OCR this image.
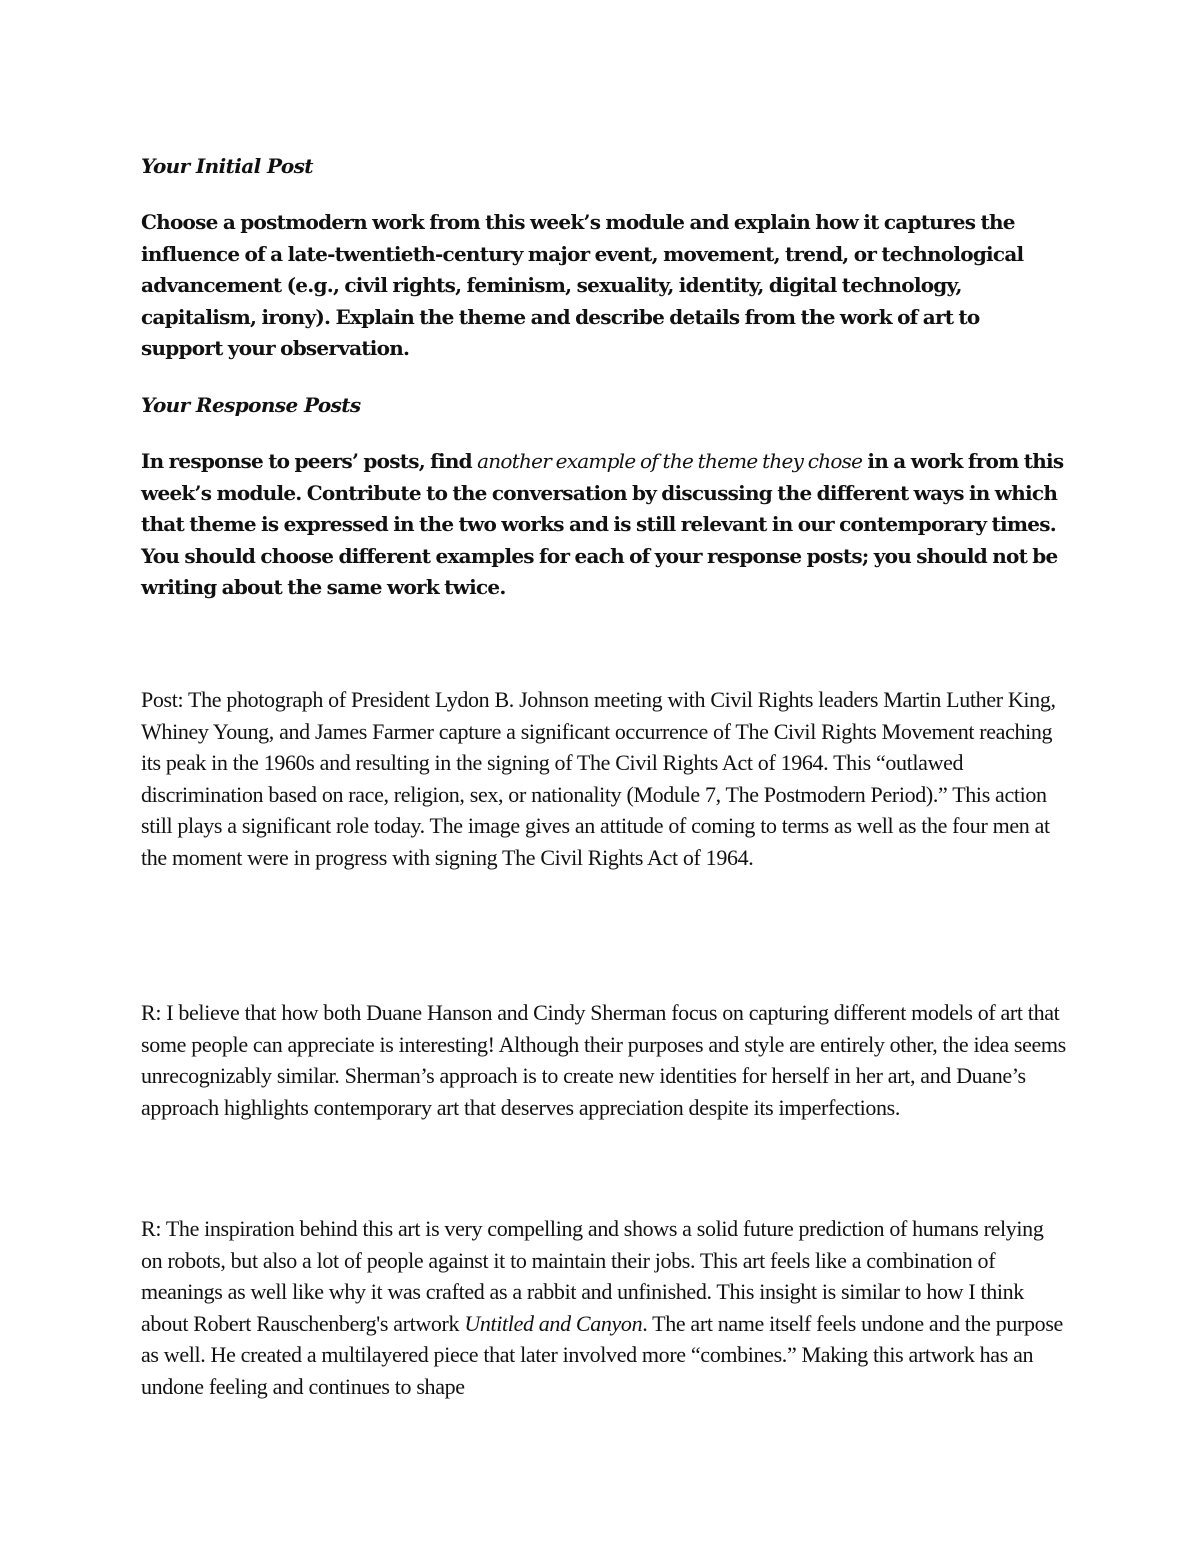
Your Initial Post

Choose a postmodern work from this week’s module and explain how it captures the influence of a late-twentieth-century major event, movement, trend, or technological advancement (e.g., civil rights, feminism, sexuality, identity, digital technology, capitalism, irony). Explain the theme and describe details from the work of art to support your observation.

Your Response Posts

In response to peers’ posts, find another example of the theme they chose in a work from this week’s module. Contribute to the conversation by discussing the different ways in which that theme is expressed in the two works and is still relevant in our contemporary times. You should choose different examples for each of your response posts; you should not be writing about the same work twice.

Post: The photograph of President Lydon B. Johnson meeting with Civil Rights leaders Martin Luther King, Whiney Young, and James Farmer capture a significant occurrence of The Civil Rights Movement reaching its peak in the 1960s and resulting in the signing of The Civil Rights Act of 1964. This “outlawed discrimination based on race, religion, sex, or nationality (Module 7, The Postmodern Period).” This action still plays a significant role today. The image gives an attitude of coming to terms as well as the four men at the moment were in progress with signing The Civil Rights Act of 1964.

R: I believe that how both Duane Hanson and Cindy Sherman focus on capturing different models of art that some people can appreciate is interesting! Although their purposes and style are entirely other, the idea seems unrecognizably similar. Sherman’s approach is to create new identities for herself in her art, and Duane’s approach highlights contemporary art that deserves appreciation despite its imperfections.

R: The inspiration behind this art is very compelling and shows a solid future prediction of humans relying on robots, but also a lot of people against it to maintain their jobs. This art feels like a combination of meanings as well like why it was crafted as a rabbit and unfinished. This insight is similar to how I think about Robert Rauschenberg's artwork Untitled and Canyon. The art name itself feels undone and the purpose as well. He created a multilayered piece that later involved more “combines.” Making this artwork has an undone feeling and continues to shape
